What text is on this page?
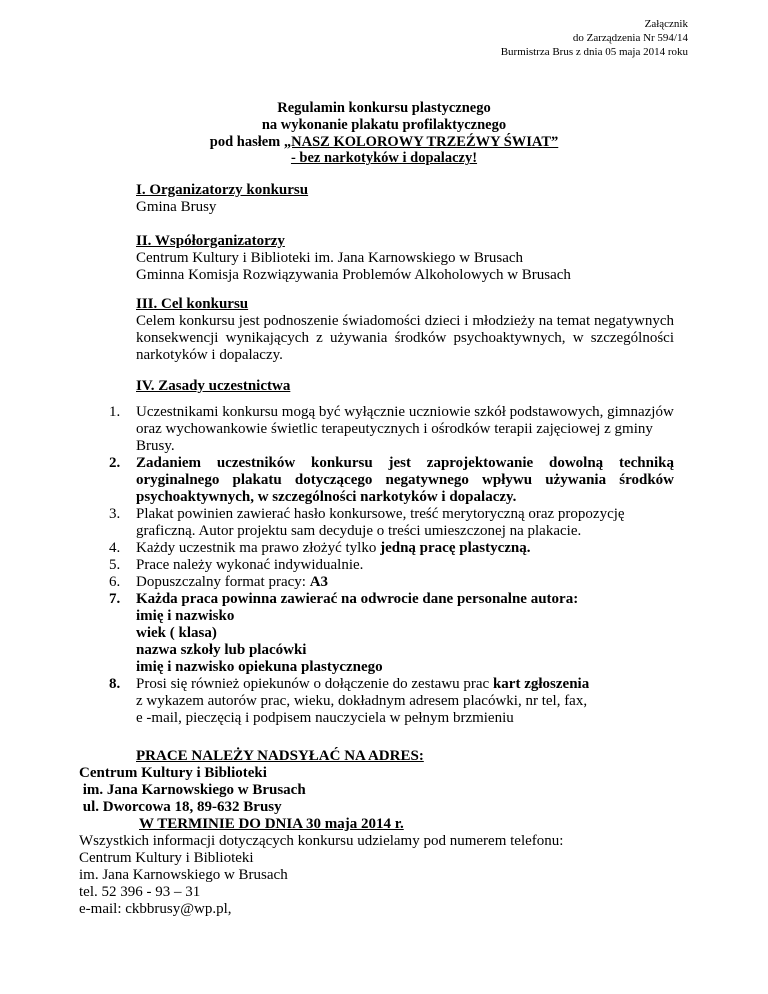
Załącznik
do Zarządzenia Nr 594/14
Burmistrza Brus z dnia 05 maja 2014 roku
Regulamin konkursu plastycznego
na wykonanie plakatu profilaktycznego
pod hasłem „NASZ KOLOROWY TRZEŹWY ŚWIAT”
- bez narkotyków i dopalaczy!
I. Organizatorzy konkursu
Gmina Brusy
II. Współorganizatorzy
Centrum Kultury i Biblioteki im. Jana Karnowskiego w Brusach
Gminna Komisja Rozwiązywania Problemów Alkoholowych w Brusach
III. Cel konkursu
Celem konkursu jest podnoszenie świadomości dzieci i młodzieży na temat negatywnych konsekwencji wynikających z używania środków psychoaktywnych, w szczególności narkotyków i dopalaczy.
IV. Zasady uczestnictwa
1. Uczestnikami konkursu mogą być wyłącznie uczniowie szkół podstawowych, gimnazjów oraz wychowankowie świetlic terapeutycznych i ośrodków terapii zajęciowej z gminy Brusy.
2. Zadaniem uczestników konkursu jest zaprojektowanie dowolną techniką oryginalnego plakatu dotyczącego negatywnego wpływu używania środków psychoaktywnych, w szczególności narkotyków i dopalaczy.
3. Plakat powinien zawierać hasło konkursowe, treść merytoryczną oraz propozycję graficzną. Autor projektu sam decyduje o treści umieszczonej na plakacie.
4. Każdy uczestnik ma prawo złożyć tylko jedną pracę plastyczną.
5. Prace należy wykonać indywidualnie.
6. Dopuszczalny format pracy: A3
7. Każda praca powinna zawierać na odwrocie dane personalne autora:
imię i nazwisko
wiek ( klasa)
nazwa szkoły lub placówki
imię i nazwisko opiekuna plastycznego
8. Prosi się również opiekunów o dołączenie do zestawu prac kart zgłoszenia
z wykazem autorów prac, wieku, dokładnym adresem placówki, nr tel, fax,
e -mail, pieczęcią i podpisem nauczyciela w pełnym brzmieniu
PRACE NALEŻY NADSYŁAĆ NA ADRES:
Centrum Kultury i Biblioteki
im. Jana Karnowskiego w Brusach
ul. Dworcowa 18, 89-632 Brusy
W TERMINIE DO DNIA 30 maja 2014 r.
Wszystkich informacji dotyczących konkursu udzielamy pod numerem telefonu:
Centrum Kultury i Biblioteki
im. Jana Karnowskiego w Brusach
tel. 52 396 - 93 – 31
e-mail: ckbbrusy@wp.pl,
